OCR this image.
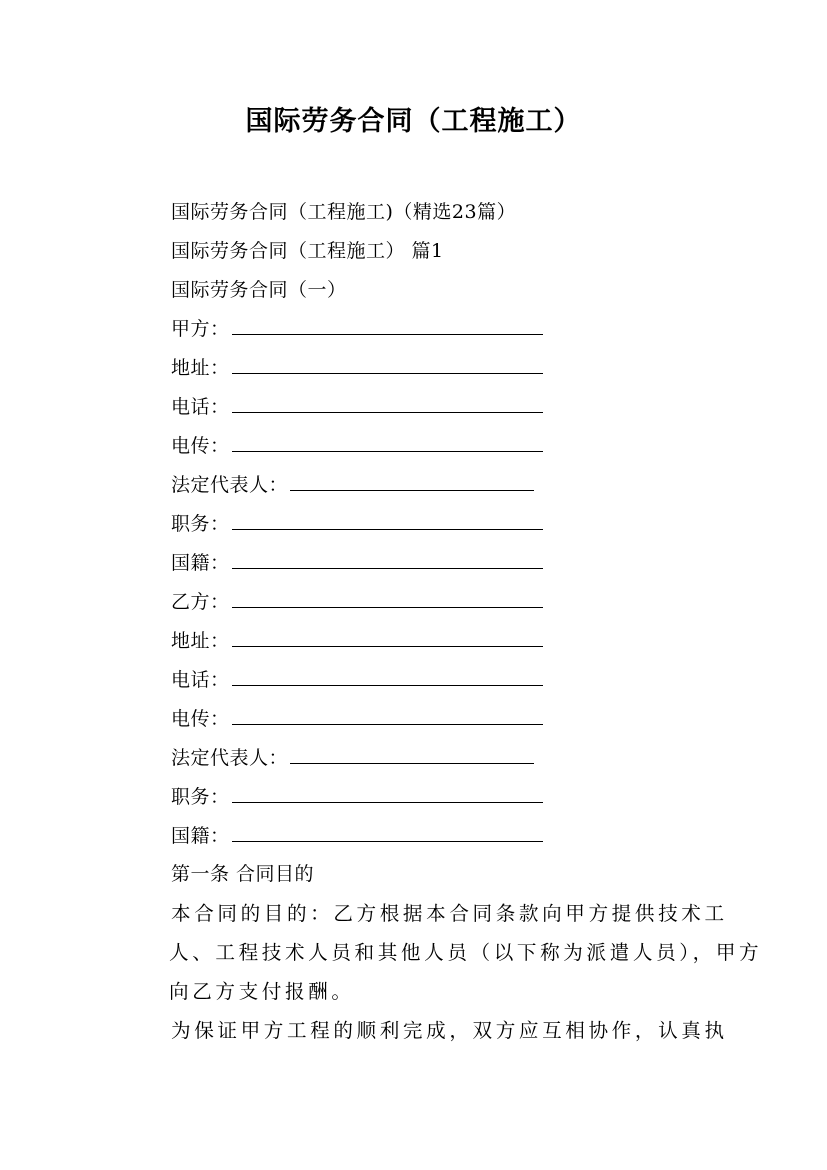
国际劳务合同（工程施工）
国际劳务合同（工程施工)（精选23篇）
国际劳务合同（工程施工） 篇1
国际劳务合同（一）
甲方：
地址：
电话：
电传：
法定代表人：
职务：
国籍：
乙方：
地址：
电话：
电传：
法定代表人：
职务：
国籍：
第一条 合同目的
本合同的目的：乙方根据本合同条款向甲方提供技术工
人、工程技术人员和其他人员（以下称为派遣人员），甲方
向乙方支付报酬。
为保证甲方工程的顺利完成，双方应互相协作，认真执
